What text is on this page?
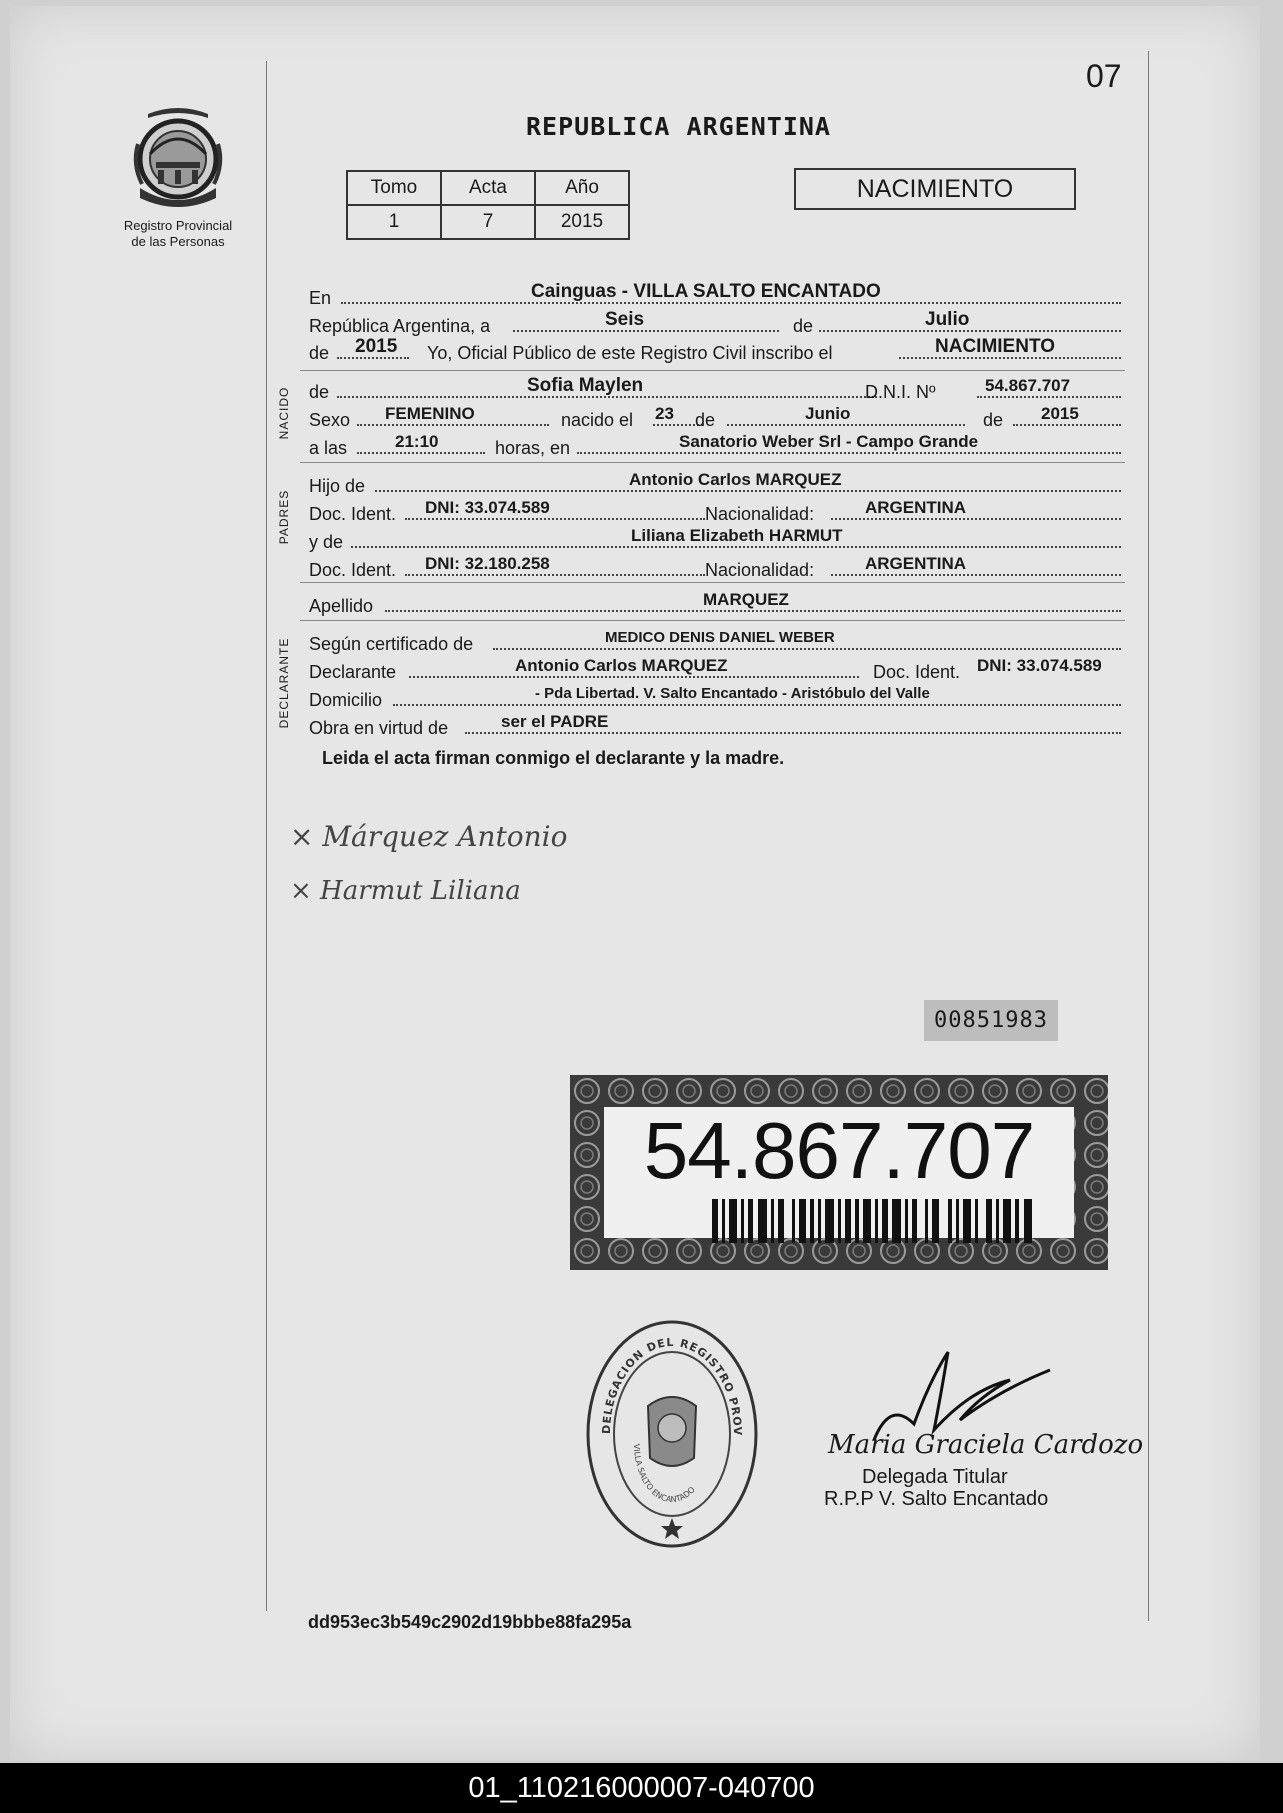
07
Registro Provincial
de las Personas
REPUBLICA ARGENTINA
Tomo	Acta	Año
1	7	2015
NACIMIENTO
En	Cainguas - VILLA SALTO ENCANTADO
República Argentina, a	Seis	de	Julio
de 2015 Yo, Oficial Público de este Registro Civil inscribo el	NACIMIENTO
de	Sofia Maylen	D.N.I. Nº	54.867.707
Sexo FEMENINO	nacido el 23 de	Junio	de 2015
a las	21:10	horas, en	Sanatorio Weber Srl - Campo Grande
NACIDO
Hijo de	Antonio Carlos MARQUEZ
Doc. Ident. DNI: 33.074.589	Nacionalidad:	ARGENTINA
y de	Liliana Elizabeth HARMUT
Doc. Ident. DNI: 32.180.258	Nacionalidad:	ARGENTINA
PADRES
Apellido	MARQUEZ
Según certificado de	MEDICO DENIS DANIEL WEBER
Declarante	Antonio Carlos MARQUEZ	Doc. Ident. DNI: 33.074.589
Domicilio	- Pda Libertad. V. Salto Encantado - Aristóbulo del Valle
Obra en virtud de	ser el PADRE
DECLARANTE
Leida el acta firman conmigo el declarante y la madre.
× Márquez Antonio
× Harmut Liliana
00851983
54.867.707
DELEGACION DEL REGISTRO PROV
VILLA SALTO ENCANTADO
Maria Graciela Cardozo
Delegada Titular
R.P.P V. Salto Encantado
dd953ec3b549c2902d19bbbe88fa295a
01_110216000007-040700
